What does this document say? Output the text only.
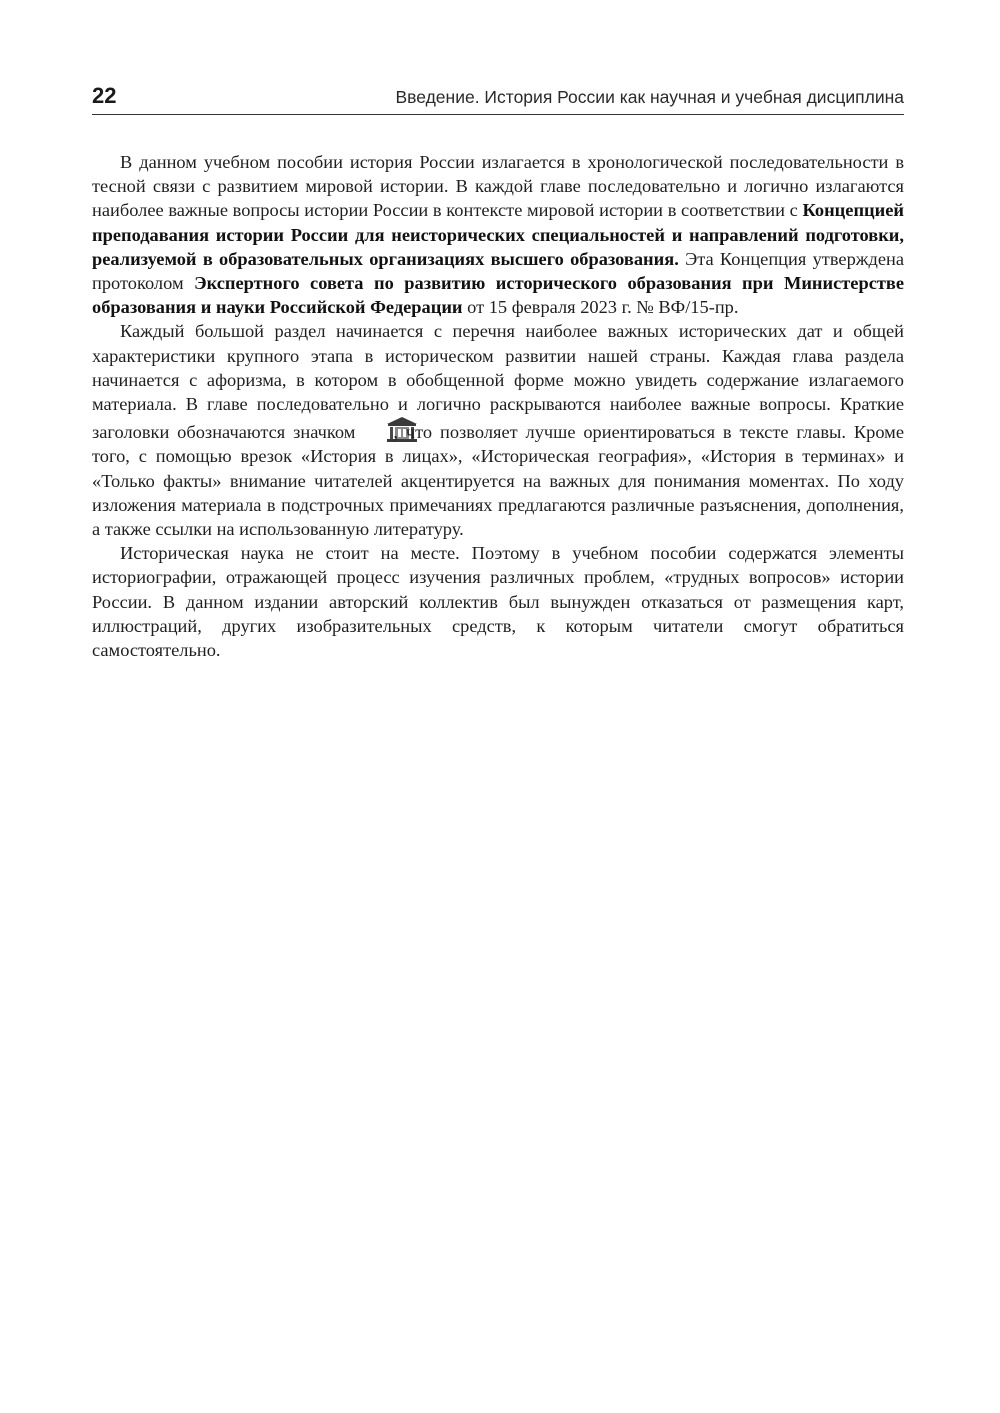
22	Введение. История России как научная и учебная дисциплина

В данном учебном пособии история России излагается в хронологической последовательности в тесной связи с развитием мировой истории. В каждой главе последовательно и логично излагаются наиболее важные вопросы истории России в контексте мировой истории в соответствии с Концепцией преподавания истории России для неисторических специальностей и направлений подготовки, реализуемой в образовательных организациях высшего образования. Эта Концепция утверждена протоколом Экспертного совета по развитию исторического образования при Министерстве образования и науки Российской Федерации от 15 февраля 2023 г. № ВФ/15-пр.

Каждый большой раздел начинается с перечня наиболее важных исторических дат и общей характеристики крупного этапа в историческом развитии нашей страны. Каждая глава раздела начинается с афоризма, в котором в обобщенной форме можно увидеть содержание излагаемого материала. В главе последовательно и логично раскрываются наиболее важные вопросы. Краткие заголовки обозначаются значком , что позволяет лучше ориентироваться в тексте главы. Кроме того, с помощью врезок «История в лицах», «Историческая география», «История в терминах» и «Только факты» внимание читателей акцентируется на важных для понимания моментах. По ходу изложения материала в подстрочных примечаниях предлагаются различные разъяснения, дополнения, а также ссылки на использованную литературу.

Историческая наука не стоит на месте. Поэтому в учебном пособии содержатся элементы историографии, отражающей процесс изучения различных проблем, «трудных вопросов» истории России. В данном издании авторский коллектив был вынужден отказаться от размещения карт, иллюстраций, других изобразительных средств, к которым читатели смогут обратиться самостоятельно.
